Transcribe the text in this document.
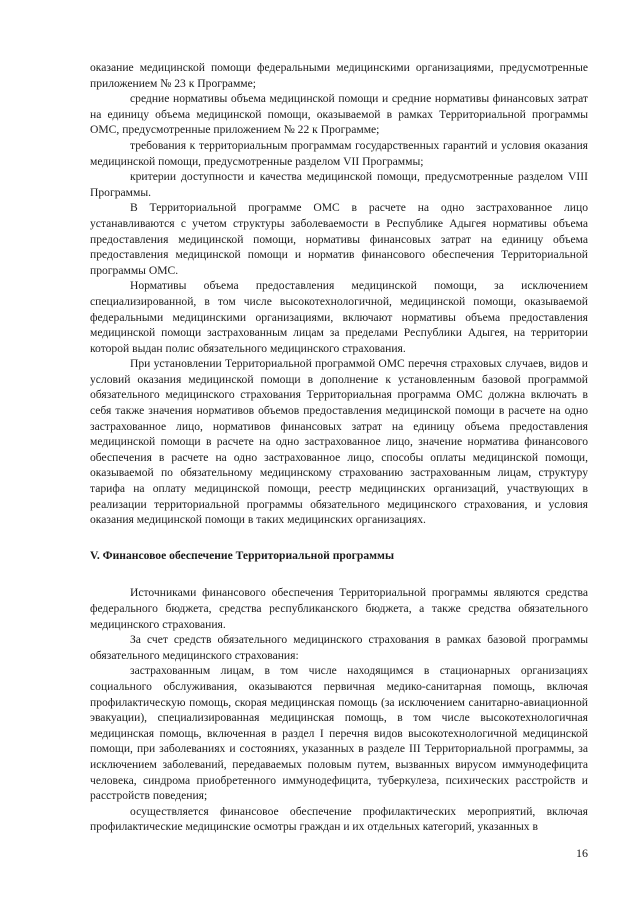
оказание медицинской помощи федеральными медицинскими организациями, предусмотренные приложением № 23 к Программе;

средние нормативы объема медицинской помощи и средние нормативы финансовых затрат на единицу объема медицинской помощи, оказываемой в рамках Территориальной программы ОМС, предусмотренные приложением № 22 к Программе;

требования к территориальным программам государственных гарантий и условия оказания медицинской помощи, предусмотренные разделом VII Программы;

критерии доступности и качества медицинской помощи, предусмотренные разделом VIII Программы.

В Территориальной программе ОМС в расчете на одно застрахованное лицо устанавливаются с учетом структуры заболеваемости в Республике Адыгея нормативы объема предоставления медицинской помощи, нормативы финансовых затрат на единицу объема предоставления медицинской помощи и норматив финансового обеспечения Территориальной программы ОМС.

Нормативы объема предоставления медицинской помощи, за исключением специализированной, в том числе высокотехнологичной, медицинской помощи, оказываемой федеральными медицинскими организациями, включают нормативы объема предоставления медицинской помощи застрахованным лицам за пределами Республики Адыгея, на территории которой выдан полис обязательного медицинского страхования.

При установлении Территориальной программой ОМС перечня страховых случаев, видов и условий оказания медицинской помощи в дополнение к установленным базовой программой обязательного медицинского страхования Территориальная программа ОМС должна включать в себя также значения нормативов объемов предоставления медицинской помощи в расчете на одно застрахованное лицо, нормативов финансовых затрат на единицу объема предоставления медицинской помощи в расчете на одно застрахованное лицо, значение норматива финансового обеспечения в расчете на одно застрахованное лицо, способы оплаты медицинской помощи, оказываемой по обязательному медицинскому страхованию застрахованным лицам, структуру тарифа на оплату медицинской помощи, реестр медицинских организаций, участвующих в реализации территориальной программы обязательного медицинского страхования, и условия оказания медицинской помощи в таких медицинских организациях.

V. Финансовое обеспечение Территориальной программы

Источниками финансового обеспечения Территориальной программы являются средства федерального бюджета, средства республиканского бюджета, а также средства обязательного медицинского страхования.

За счет средств обязательного медицинского страхования в рамках базовой программы обязательного медицинского страхования:

застрахованным лицам, в том числе находящимся в стационарных организациях социального обслуживания, оказываются первичная медико-санитарная помощь, включая профилактическую помощь, скорая медицинская помощь (за исключением санитарно-авиационной эвакуации), специализированная медицинская помощь, в том числе высокотехнологичная медицинская помощь, включенная в раздел I перечня видов высокотехнологичной медицинской помощи, при заболеваниях и состояниях, указанных в разделе III Территориальной программы, за исключением заболеваний, передаваемых половым путем, вызванных вирусом иммунодефицита человека, синдрома приобретенного иммунодефицита, туберкулеза, психических расстройств и расстройств поведения;

осуществляется финансовое обеспечение профилактических мероприятий, включая профилактические медицинские осмотры граждан и их отдельных категорий, указанных в

16
